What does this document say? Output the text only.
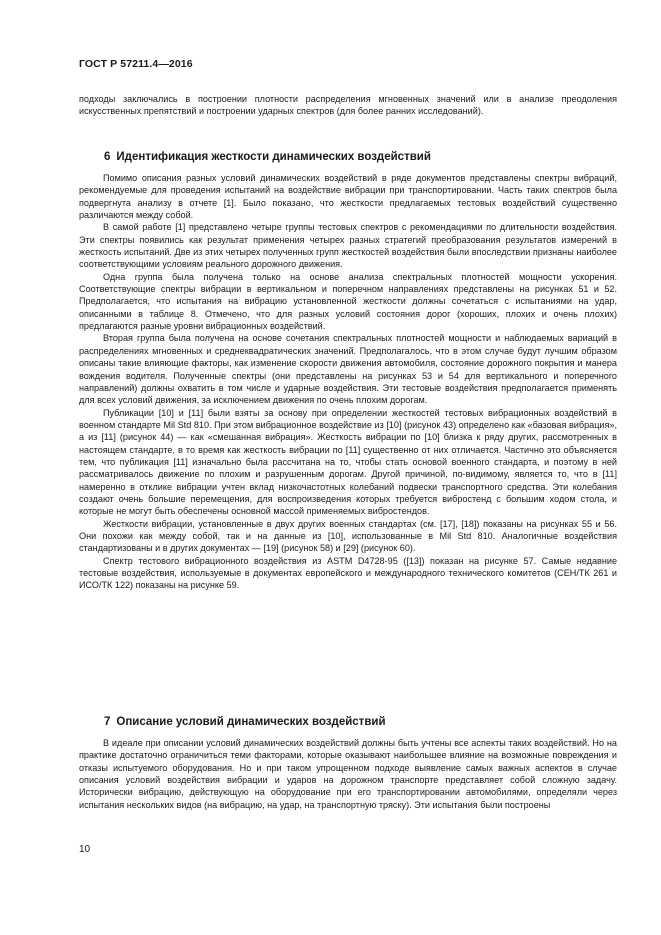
ГОСТ Р 57211.4—2016

подходы заключались в построении плотности распределения мгновенных значений или в анализе преодоления искусственных препятствий и построении ударных спектров (для более ранних исследований).

6 Идентификация жесткости динамических воздействий

Помимо описания разных условий динамических воздействий в ряде документов представлены спектры вибраций, рекомендуемые для проведения испытаний на воздействие вибрации при транспортировании. Часть таких спектров была подвергнута анализу в отчете [1]. Было показано, что жесткости предлагаемых тестовых воздействий существенно различаются между собой.

В самой работе [1] представлено четыре группы тестовых спектров с рекомендациями по длительности воздействия. Эти спектры появились как результат применения четырех разных стратегий преобразования результатов измерений в жесткость испытаний. Две из этих четырех полученных групп жесткостей воздействия были впоследствии признаны наиболее соответствующими условиям реального дорожного движения.

Одна группа была получена только на основе анализа спектральных плотностей мощности ускорения. Соответствующие спектры вибрации в вертикальном и поперечном направлениях представлены на рисунках 51 и 52. Предполагается, что испытания на вибрацию установленной жесткости должны сочетаться с испытаниями на удар, описанными в таблице 8. Отмечено, что для разных условий состояния дорог (хороших, плохих и очень плохих) предлагаются разные уровни вибрационных воздействий.

Вторая группа была получена на основе сочетания спектральных плотностей мощности и наблюдаемых вариаций в распределениях мгновенных и среднеквадратических значений. Предполагалось, что в этом случае будут лучшим образом описаны такие влияющие факторы, как изменение скорости движения автомобиля, состояние дорожного покрытия и манера вождения водителя. Полученные спектры (они представлены на рисунках 53 и 54 для вертикального и поперечного направлений) должны охватить в том числе и ударные воздействия. Эти тестовые воздействия предполагается применять для всех условий движения, за исключением движения по очень плохим дорогам.

Публикации [10] и [11] были взяты за основу при определении жесткостей тестовых вибрационных воздействий в военном стандарте Mil Std 810. При этом вибрационное воздействие из [10] (рисунок 43) определено как «базовая вибрация», а из [11] (рисунок 44) — как «смешанная вибрация». Жесткость вибрации по [10] близка к ряду других, рассмотренных в настоящем стандарте, в то время как жесткость вибрации по [11] существенно от них отличается. Частично это объясняется тем, что публикация [11] изначально была рассчитана на то, чтобы стать основой военного стандарта, и поэтому в ней рассматривалось движение по плохим и разрушенным дорогам. Другой причиной, по-видимому, является то, что в [11] намеренно в отклике вибрации учтен вклад низкочастотных колебаний подвески транспортного средства. Эти колебания создают очень большие перемещения, для воспроизведения которых требуется вибростенд с большим ходом стола, и которые не могут быть обеспечены основной массой применяемых вибростендов.

Жесткости вибрации, установленные в двух других военных стандартах (см. [17], [18]) показаны на рисунках 55 и 56. Они похожи как между собой, так и на данные из [10], использованные в Mil Std 810. Аналогичные воздействия стандартизованы и в других документах — [19] (рисунок 58) и [29] (рисунок 60).

Спектр тестового вибрационного воздействия из ASTM D4728-95 ([13]) показан на рисунке 57. Самые недавние тестовые воздействия, используемые в документах европейского и международного технического комитетов (СЕН/ТК 261 и ИСО/ТК 122) показаны на рисунке 59.

7 Описание условий динамических воздействий

В идеале при описании условий динамических воздействий должны быть учтены все аспекты таких воздействий. Но на практике достаточно ограничиться теми факторами, которые оказывают наибольшее влияние на возможные повреждения и отказы испытуемого оборудования. Но и при таком упрощенном подходе выявление самых важных аспектов в случае описания условий воздействия вибрации и ударов на дорожном транспорте представляет собой сложную задачу. Исторически вибрацию, действующую на оборудование при его транспортировании автомобилями, определяли через испытания нескольких видов (на вибрацию, на удар, на транспортную тряску). Эти испытания были построены

10
